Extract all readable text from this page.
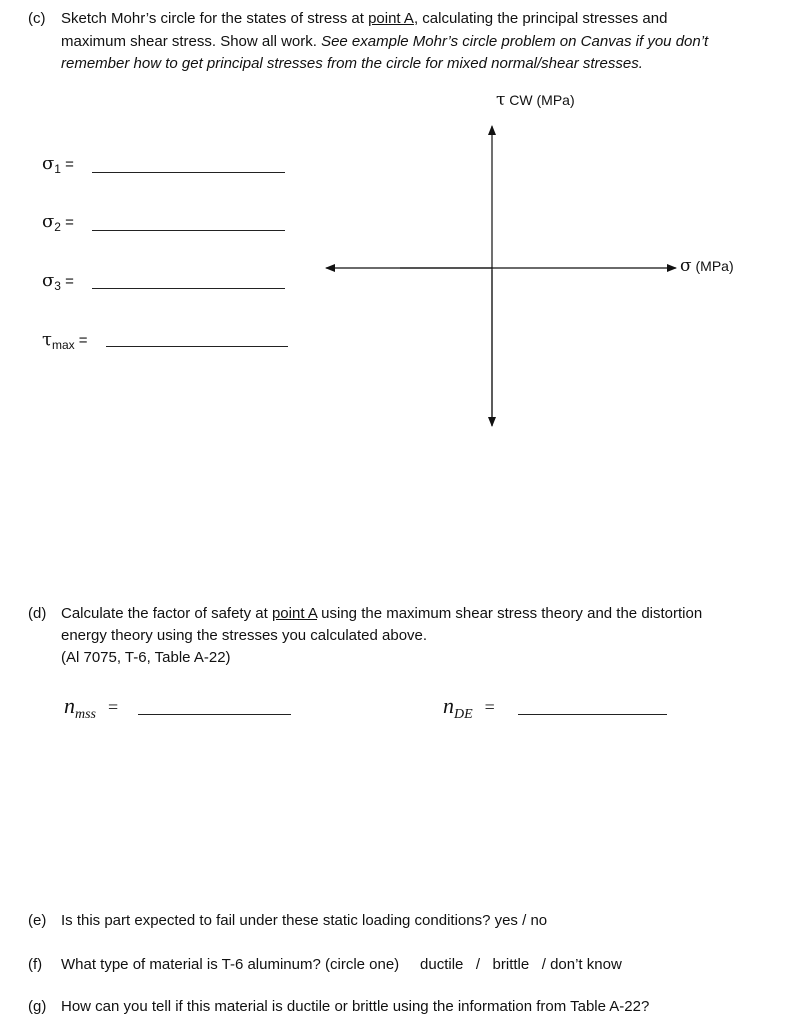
(c) Sketch Mohr’s circle for the states of stress at point A, calculating the principal stresses and
maximum shear stress. Show all work. See example Mohr’s circle problem on Canvas if you don’t
remember how to get principal stresses from the circle for mixed normal/shear stresses.
τ CW (MPa)
σ (MPa)
$\sigma_1$ =
$\sigma_2$ =
$\sigma_3$ =
$\tau_{max}$ =
(d) Calculate the factor of safety at point A using the maximum shear stress theory and the distortion
energy theory using the stresses you calculated above.
(Al 7075, T-6, Table A-22)
nmss =	nDE =
(e) Is this part expected to fail under these static loading conditions? yes / no
(f) What type of material is T-6 aluminum? (circle one)     ductile   /   brittle   / don’t know
(g) How can you tell if this material is ductile or brittle using the information from Table A-22?
